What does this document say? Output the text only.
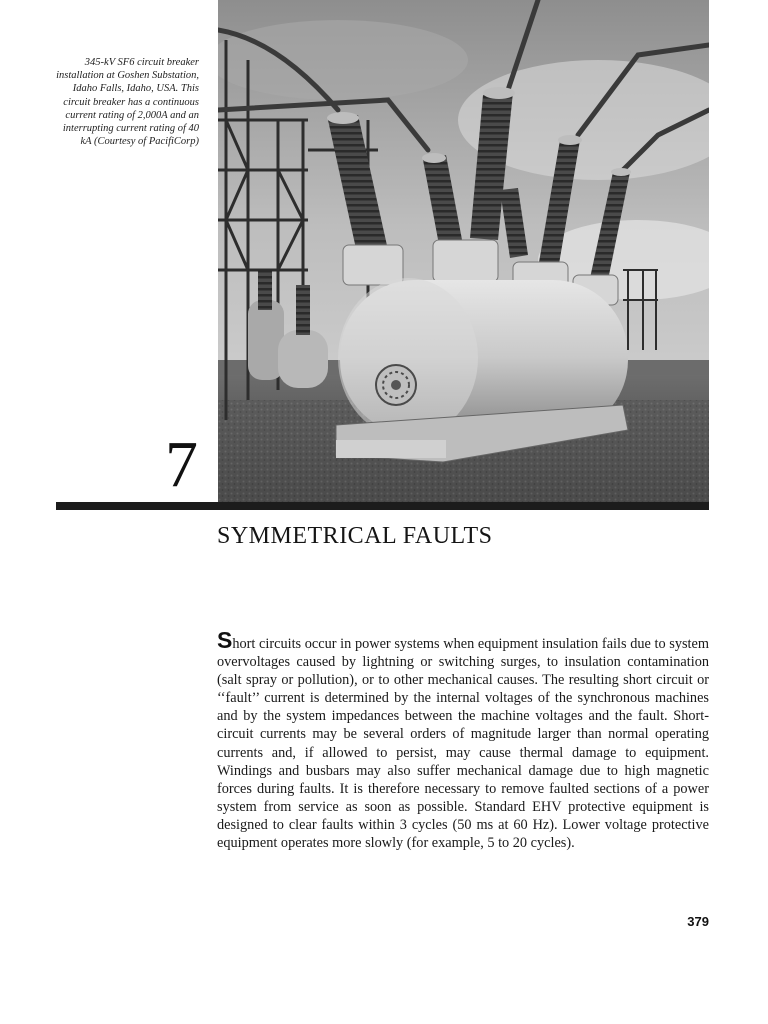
345-kV SF6 circuit breaker installation at Goshen Substation, Idaho Falls, Idaho, USA. This circuit breaker has a continuous current rating of 2,000A and an interrupting current rating of 40 kA (Courtesy of PacifiCorp)
7
SYMMETRICAL FAULTS

Short circuits occur in power systems when equipment insulation fails due to system overvoltages caused by lightning or switching surges, to insulation contamination (salt spray or pollution), or to other mechanical causes. The resulting short circuit or ‘‘fault’’ current is determined by the internal voltages of the synchronous machines and by the system impedances between the machine voltages and the fault. Short-circuit currents may be several orders of magnitude larger than normal operating currents and, if allowed to persist, may cause thermal damage to equipment. Windings and busbars may also suffer mechanical damage due to high magnetic forces during faults. It is therefore necessary to remove faulted sections of a power system from service as soon as possible. Standard EHV protective equipment is designed to clear faults within 3 cycles (50 ms at 60 Hz). Lower voltage protective equipment operates more slowly (for example, 5 to 20 cycles).

379
